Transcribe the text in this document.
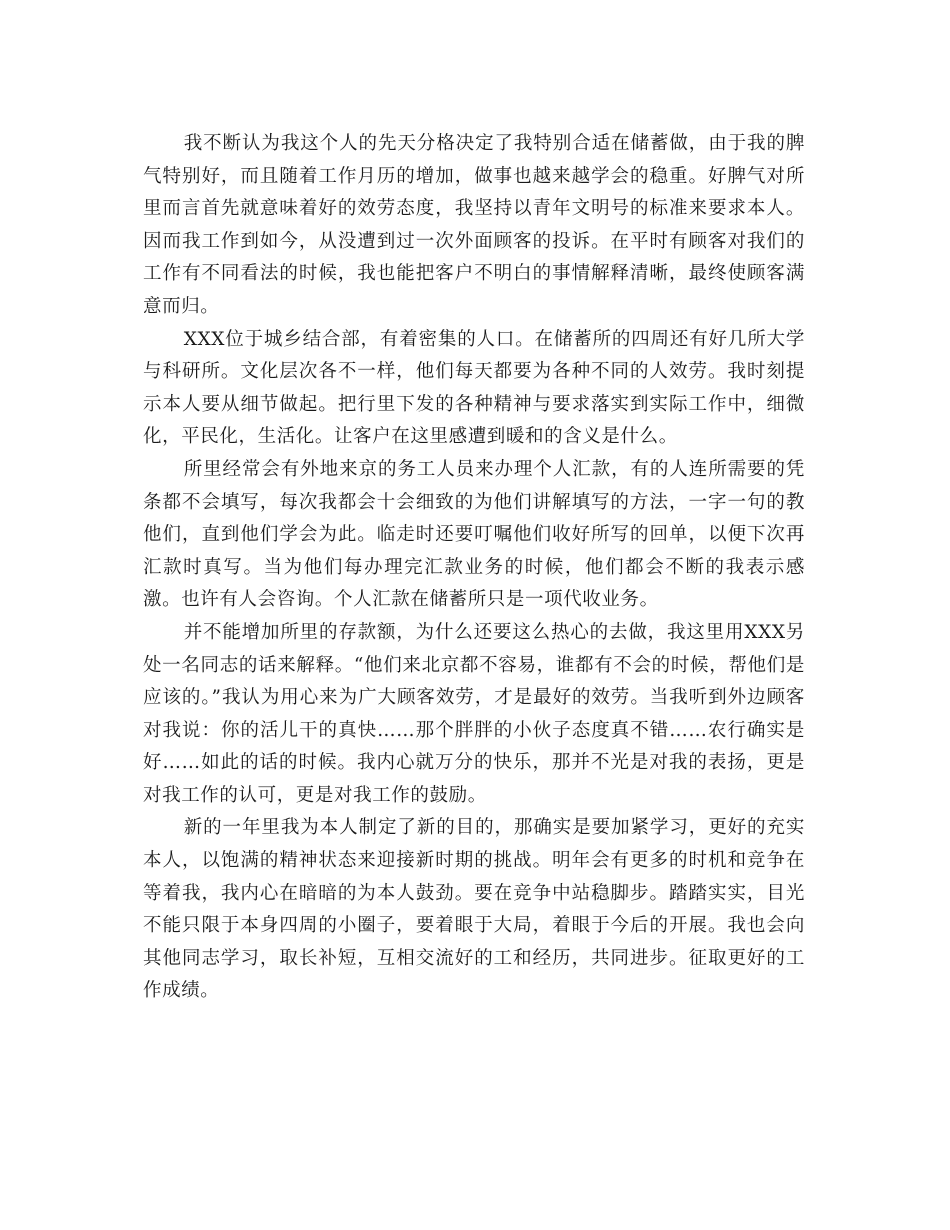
我不断认为我这个人的先天分格决定了我特别合适在储蓄做，由于我的脾气特别好，而且随着工作月历的增加，做事也越来越学会的稳重。好脾气对所里而言首先就意味着好的效劳态度，我坚持以青年文明号的标准来要求本人。因而我工作到如今，从没遭到过一次外面顾客的投诉。在平时有顾客对我们的工作有不同看法的时候，我也能把客户不明白的事情解释清晰，最终使顾客满意而归。

XXX位于城乡结合部，有着密集的人口。在储蓄所的四周还有好几所大学与科研所。文化层次各不一样，他们每天都要为各种不同的人效劳。我时刻提示本人要从细节做起。把行里下发的各种精神与要求落实到实际工作中，细微化，平民化，生活化。让客户在这里感遭到暖和的含义是什么。

所里经常会有外地来京的务工人员来办理个人汇款，有的人连所需要的凭条都不会填写，每次我都会十会细致的为他们讲解填写的方法，一字一句的教他们，直到他们学会为此。临走时还要叮嘱他们收好所写的回单，以便下次再汇款时真写。当为他们每办理完汇款业务的时候，他们都会不断的我表示感激。也许有人会咨询。个人汇款在储蓄所只是一项代收业务。

并不能增加所里的存款额，为什么还要这么热心的去做，我这里用XXX另处一名同志的话来解释。“他们来北京都不容易，谁都有不会的时候，帮他们是应该的。”我认为用心来为广大顾客效劳，才是最好的效劳。当我听到外边顾客对我说：你的活儿干的真快……那个胖胖的小伙子态度真不错……农行确实是好……如此的话的时候。我内心就万分的快乐，那并不光是对我的表扬，更是对我工作的认可，更是对我工作的鼓励。

新的一年里我为本人制定了新的目的，那确实是要加紧学习，更好的充实本人，以饱满的精神状态来迎接新时期的挑战。明年会有更多的时机和竞争在等着我，我内心在暗暗的为本人鼓劲。要在竞争中站稳脚步。踏踏实实，目光不能只限于本身四周的小圈子，要着眼于大局，着眼于今后的开展。我也会向其他同志学习，取长补短，互相交流好的工和经历，共同进步。征取更好的工作成绩。
